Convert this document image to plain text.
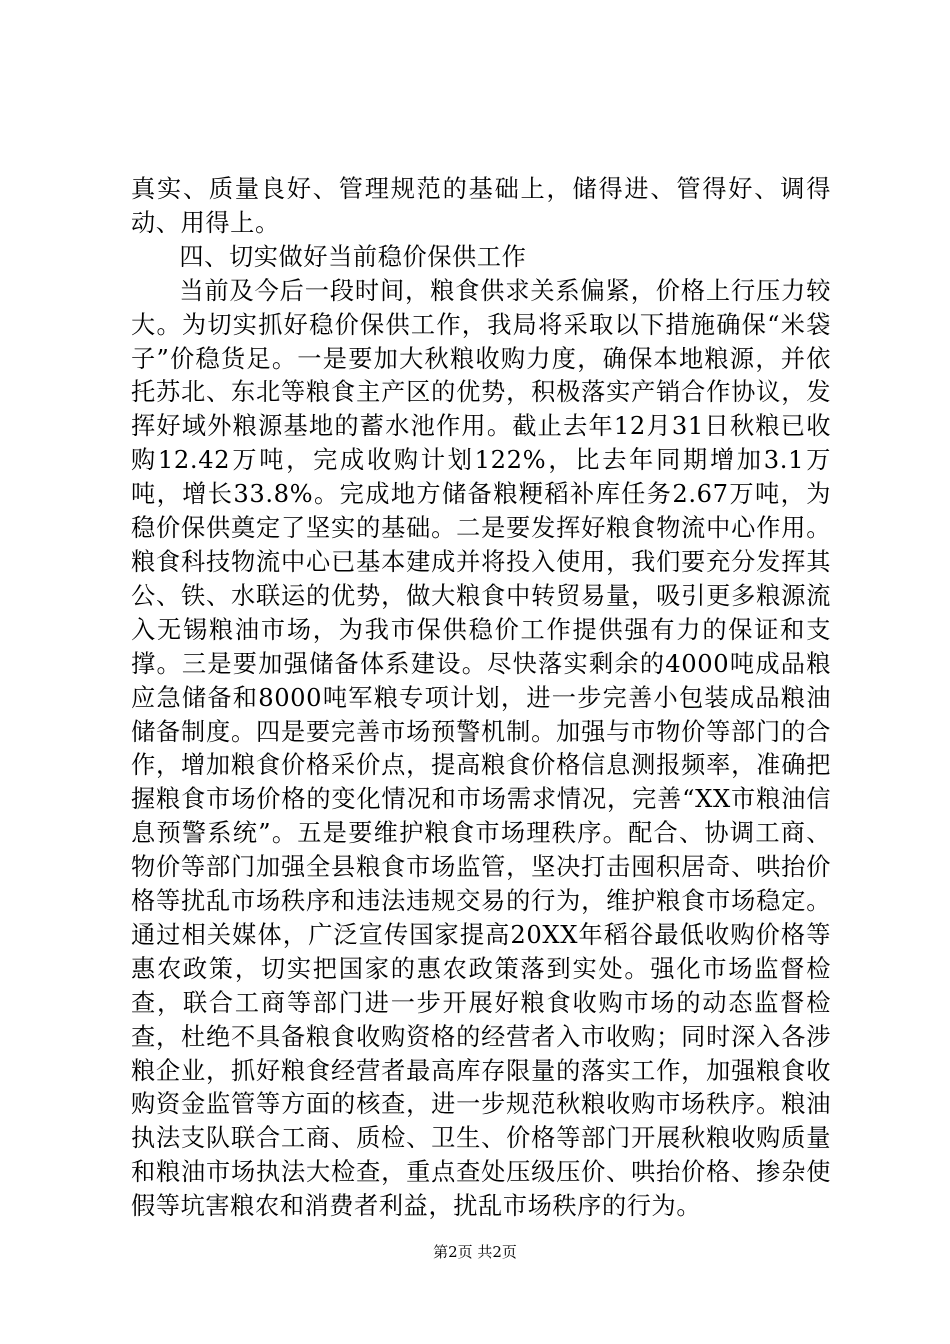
真实、质量良好、管理规范的基础上，储得进、管得好、调得动、用得上。

四、切实做好当前稳价保供工作

当前及今后一段时间，粮食供求关系偏紧，价格上行压力较大。为切实抓好稳价保供工作，我局将采取以下措施确保“米袋子”价稳货足。一是要加大秋粮收购力度，确保本地粮源，并依托苏北、东北等粮食主产区的优势，积极落实产销合作协议，发挥好域外粮源基地的蓄水池作用。截止去年12月31日秋粮已收购12.42万吨，完成收购计划122%，比去年同期增加3.1万吨，增长33.8%。完成地方储备粮粳稻补库任务2.67万吨，为稳价保供奠定了坚实的基础。二是要发挥好粮食物流中心作用。粮食科技物流中心已基本建成并将投入使用，我们要充分发挥其公、铁、水联运的优势，做大粮食中转贸易量，吸引更多粮源流入无锡粮油市场，为我市保供稳价工作提供强有力的保证和支撑。三是要加强储备体系建设。尽快落实剩余的4000吨成品粮应急储备和8000吨军粮专项计划，进一步完善小包装成品粮油储备制度。四是要完善市场预警机制。加强与市物价等部门的合作，增加粮食价格采价点，提高粮食价格信息测报频率，准确把握粮食市场价格的变化情况和市场需求情况，完善“XX市粮油信息预警系统”。五是要维护粮食市场理秩序。配合、协调工商、物价等部门加强全县粮食市场监管，坚决打击囤积居奇、哄抬价格等扰乱市场秩序和违法违规交易的行为，维护粮食市场稳定。通过相关媒体，广泛宣传国家提高20XX年稻谷最低收购价格等惠农政策，切实把国家的惠农政策落到实处。强化市场监督检查，联合工商等部门进一步开展好粮食收购市场的动态监督检查，杜绝不具备粮食收购资格的经营者入市收购；同时深入各涉粮企业，抓好粮食经营者最高库存限量的落实工作，加强粮食收购资金监管等方面的核查，进一步规范秋粮收购市场秩序。粮油执法支队联合工商、质检、卫生、价格等部门开展秋粮收购质量和粮油市场执法大检查，重点查处压级压价、哄抬价格、掺杂使假等坑害粮农和消费者利益，扰乱市场秩序的行为。

第2页 共2页
